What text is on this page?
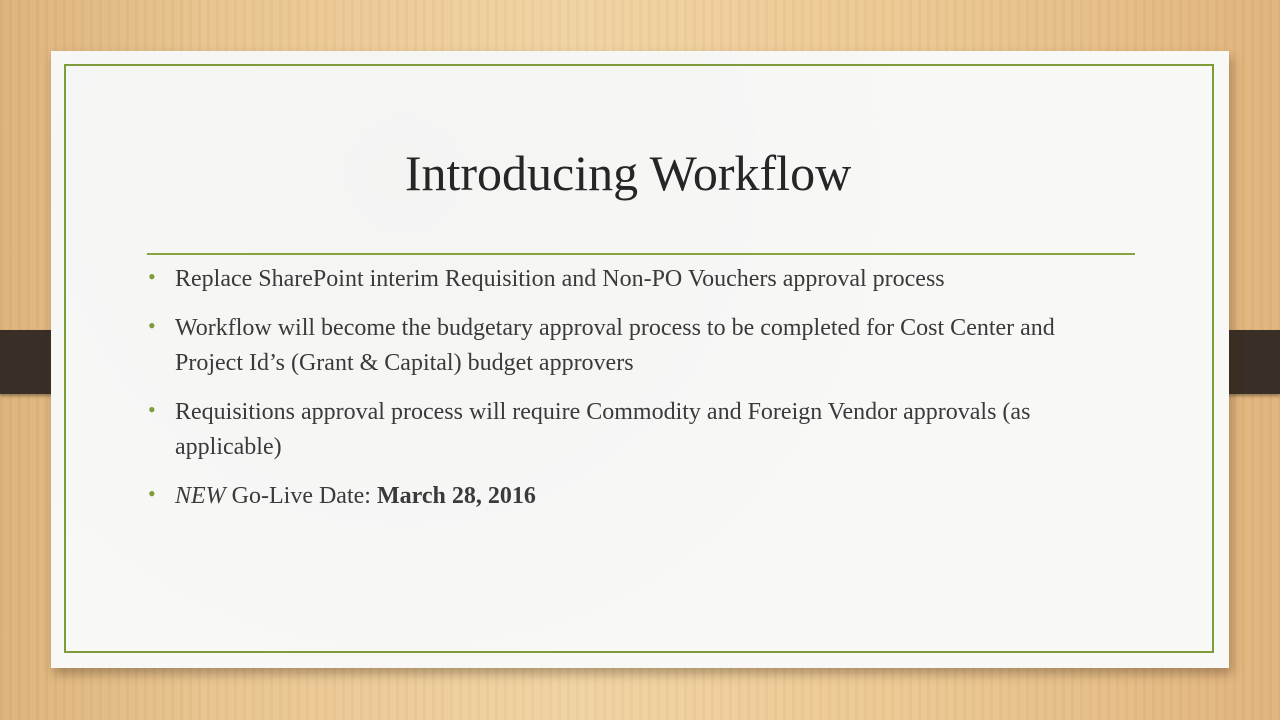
Introducing Workflow
• Replace SharePoint interim Requisition and Non-PO Vouchers approval process
• Workflow will become the budgetary approval process to be completed for Cost Center and Project Id’s (Grant & Capital) budget approvers
• Requisitions approval process will require Commodity and Foreign Vendor approvals (as applicable)
• NEW Go-Live Date: March 28, 2016
